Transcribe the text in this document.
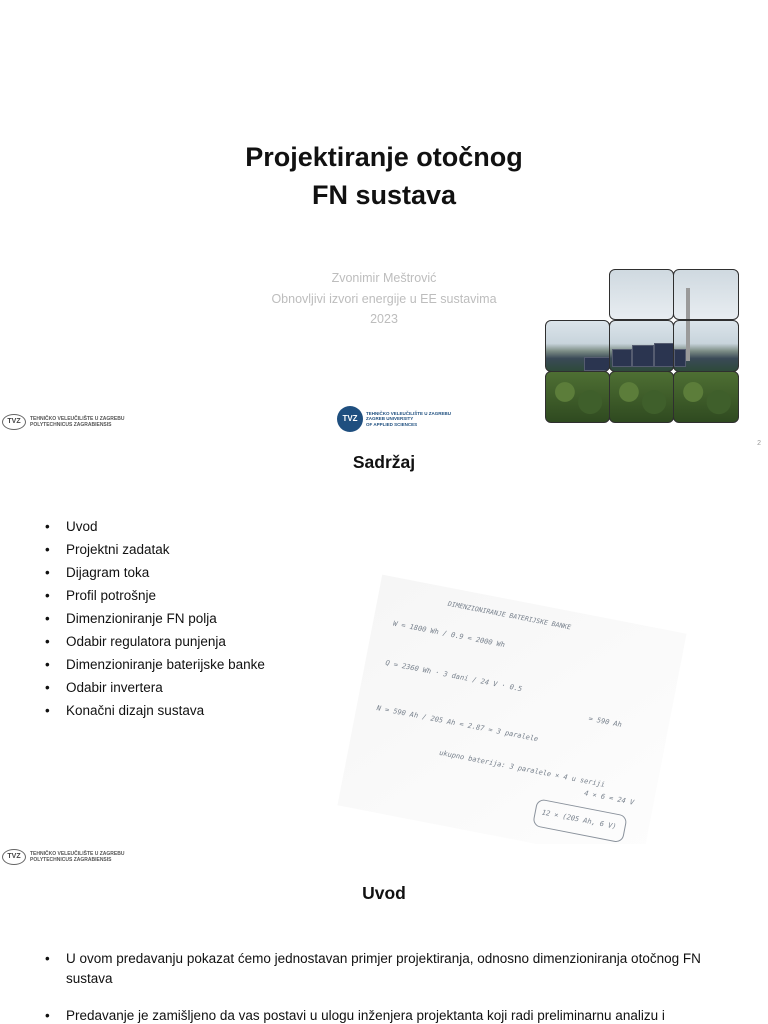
Projektiranje otočnog
FN sustava
Zvonimir Meštrović
Obnovljivi izvori energije u EE sustavima
2023
TVZ
TEHNIČKO VELEUČILIŠTE U ZAGREBU
ZAGREB UNIVERSITY
OF APPLIED SCIENCES
TVZ	TEHNIČKO VELEUČILIŠTE U ZAGREBU
POLYTECHNICUS ZAGRABIENSIS
Sadržaj
• Uvod
• Projektni zadatak
• Dijagram toka
• Profil potrošnje
• Dimenzioniranje FN polja
• Odabir regulatora punjenja
• Dimenzioniranje baterijske banke
• Odabir invertera
• Konačni dizajn sustava
DIMENZIONIRANJE BATERIJSKE BANKE
W = 1800 Wh / 0.9 = 2000 Wh
Q = 2360 Wh · 3 dani / 24 V · 0.5
= 590 Ah
N = 590 Ah / 205 Ah = 2.87 ≈ 3 paralele
ukupno baterija: 3 paralele × 4 u seriji
4 × 6 = 24 V
12 × (205 Ah, 6 V)
2
TVZ	TEHNIČKO VELEUČILIŠTE U ZAGREBU
POLYTECHNICUS ZAGRABIENSIS
Uvod
• U ovom predavanju pokazat ćemo jednostavan primjer projektiranja, odnosno dimenzioniranja otočnog FN sustava
• Predavanje je zamišljeno da vas postavi u ulogu inženjera projektanta koji radi preliminarnu analizu i
